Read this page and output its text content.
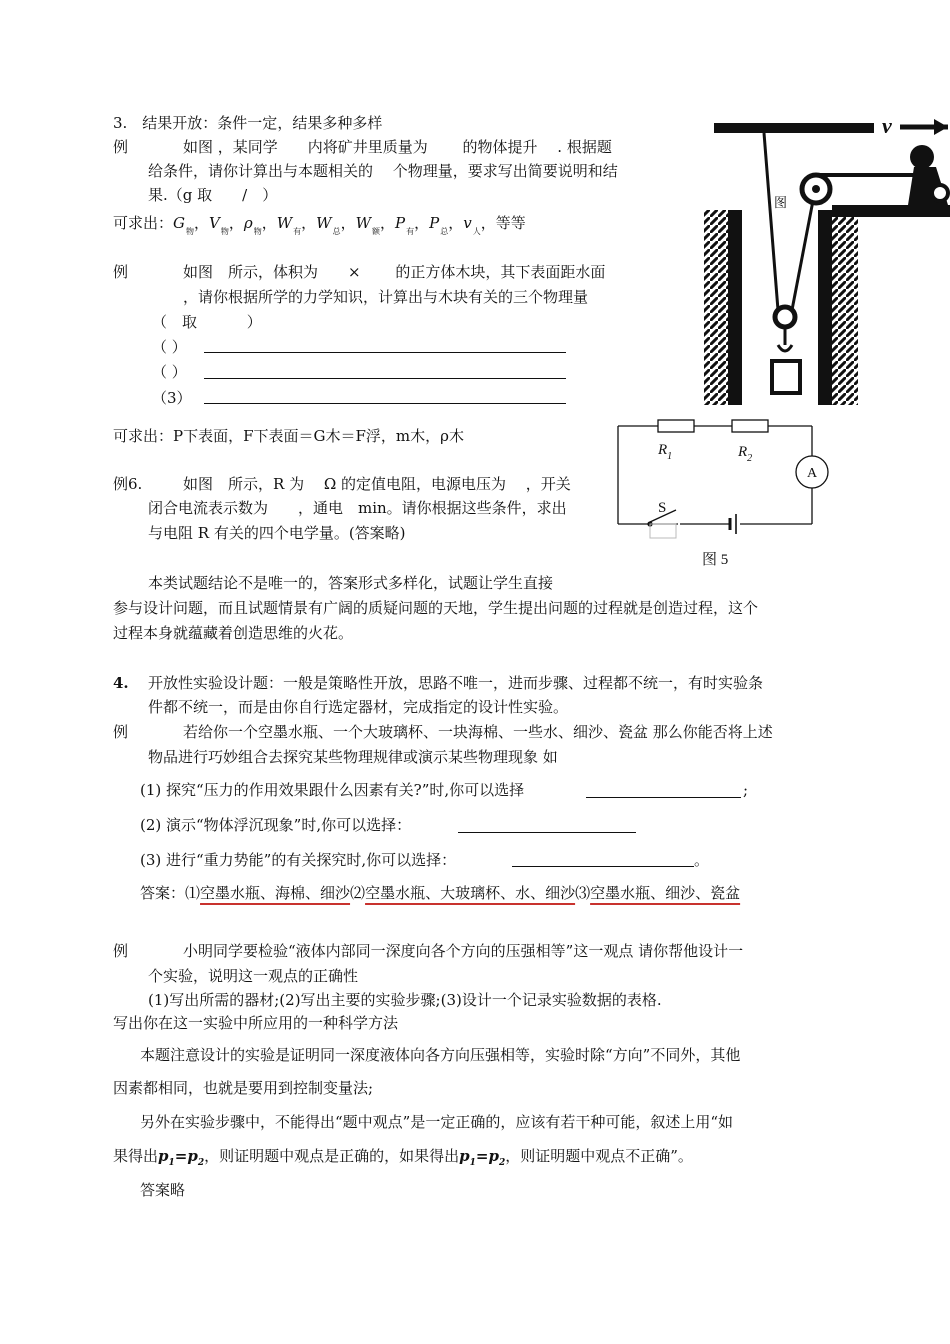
3.　结果开放：条件一定，结果多种多样
例	如图 ，某同学　　内将矿井里质量为　　 的物体提升　 . 根据题
给条件，请你计算出与本题相关的　 个物理量，要求写出简要说明和结
果.（g 取　　/　）
可求出：$G_物$，$V_物$，$\rho_物$，$W_有$，$W_总$，$W_额$，$P_有$，$P_总$，$v_人$，等等
例	如图　所示，体积为　　×　　 的正方体木块，其下表面距水面
，请你根据所学的力学知识，计算出与木块有关的三个物理量
（　取　　　 ）
（ ）
（ ）
（3）
可求出：P下表面，F下表面＝G木＝F浮，m木，ρ木
例6.	如图　所示，R 为　 Ω 的定值电阻，电源电压为　 ，开关
闭合电流表示数为　　，通电　min。请你根据这些条件，求出
与电阻 R 有关的四个电学量。(答案略)
本类试题结论不是唯一的，答案形式多样化，试题让学生直接
参与设计问题，而且试题情景有广阔的质疑问题的天地，学生提出问题的过程就是创造过程，这个
过程本身就蕴藏着创造思维的火花。
4. 开放性实验设计题：一般是策略性开放，思路不唯一，进而步骤、过程都不统一，有时实验条
件都不统一，而是由你自行选定器材，完成指定的设计性实验。
例	若给你一个空墨水瓶、一个大玻璃杯、一块海棉、一些水、细沙、瓷盆 那么你能否将上述
物品进行巧妙组合去探究某些物理规律或演示某些物理现象 如
(1) 探究“压力的作用效果跟什么因素有关?”时,你可以选择	;
(2) 演示“物体浮沉现象”时,你可以选择：
(3) 进行“重力势能”的有关探究时,你可以选择：	。
答案：⑴空墨水瓶、海棉、细沙⑵空墨水瓶、大玻璃杯、水、细沙⑶空墨水瓶、细沙、瓷盆
例	小明同学要检验“液体内部同一深度向各个方向的压强相等”这一观点 请你帮他设计一
个实验，说明这一观点的正确性
(1)写出所需的器材;(2)写出主要的实验步骤;(3)设计一个记录实验数据的表格.
写出你在这一实验中所应用的一种科学方法
本题注意设计的实验是证明同一深度液体向各方向压强相等，实验时除“方向”不同外，其他
因素都相同，也就是要用到控制变量法;
另外在实验步骤中，不能得出“题中观点”是一定正确的，应该有若干种可能，叙述上用“如
果得出$p_1=p_2$，则证明题中观点是正确的，如果得出$p_1=p_2$，则证明题中观点不正确”。
答案略
图
v
$R_1$	$R_2$
A
S
图 5
